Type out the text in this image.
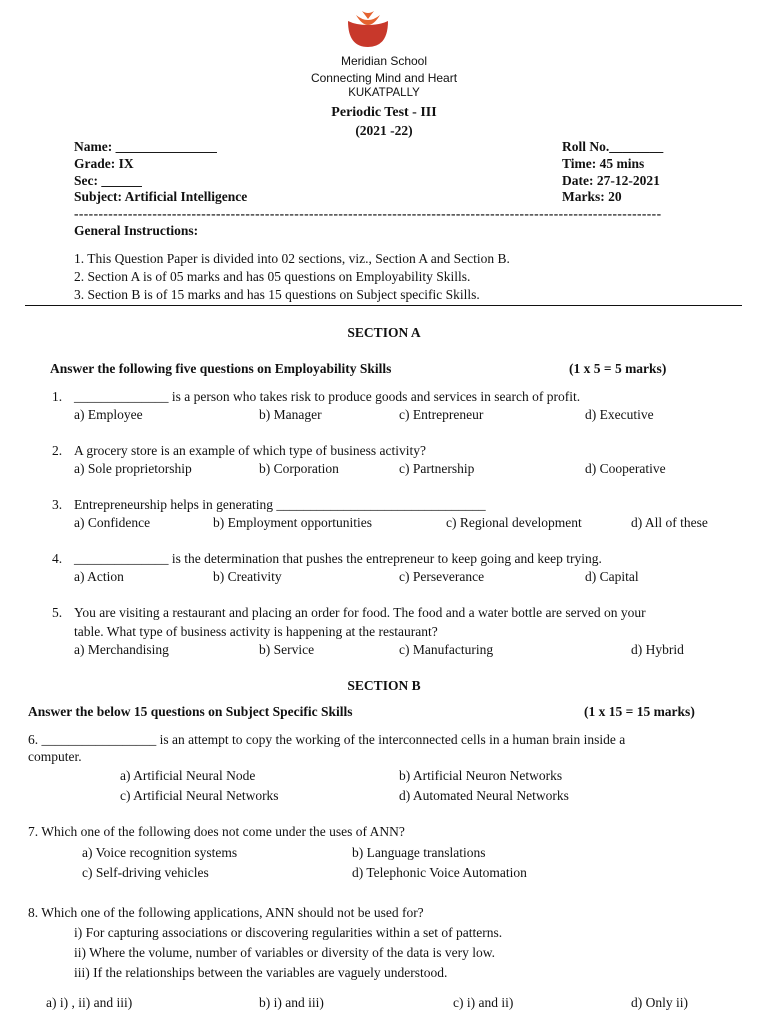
Meridian School
Connecting Mind and Heart
KUKATPALLY
Periodic Test - III
(2021 -22)
Name: _______________
Grade: IX
Sec: ______
Subject: Artificial Intelligence
Roll No.________
Time: 45 mins
Date: 27-12-2021
Marks: 20
------------------------------------------------------------------------------------------------------------------------
General Instructions:
1. This Question Paper is divided into 02 sections, viz., Section A and Section B.
2. Section A is of 05 marks and has 05 questions on Employability Skills.
3. Section B is of 15 marks and has 15 questions on Subject specific Skills.
SECTION A
Answer the following five questions on Employability Skills	(1 x 5 = 5 marks)
1. ______________ is a person who takes risk to produce goods and services in search of profit.
a) Employee	b) Manager	c) Entrepreneur	d) Executive
2. A grocery store is an example of which type of business activity?
a) Sole proprietorship	b) Corporation	c) Partnership	d) Cooperative
3. Entrepreneurship helps in generating _______________________________
a) Confidence	b) Employment opportunities	c) Regional development	d) All of these
4. ______________ is the determination that pushes the entrepreneur to keep going and keep trying.
a) Action	b) Creativity	c) Perseverance	d) Capital
5. You are visiting a restaurant and placing an order for food. The food and a water bottle are served on your
table. What type of business activity is happening at the restaurant?
a) Merchandising	b) Service	c) Manufacturing	d) Hybrid
SECTION B
Answer the below 15 questions on Subject Specific Skills	(1 x 15 = 15 marks)
6. _________________ is an attempt to copy the working of the interconnected cells in a human brain inside a
computer.
a) Artificial Neural Node	b) Artificial Neuron Networks
c) Artificial Neural Networks	d) Automated Neural Networks
7. Which one of the following does not come under the uses of ANN?
a) Voice recognition systems	b) Language translations
c) Self-driving vehicles	d) Telephonic Voice Automation
8. Which one of the following applications, ANN should not be used for?
i) For capturing associations or discovering regularities within a set of patterns.
ii) Where the volume, number of variables or diversity of the data is very low.
iii) If the relationships between the variables are vaguely understood.
a) i) , ii) and iii)	b) i) and iii)	c) i) and ii)	d) Only ii)
